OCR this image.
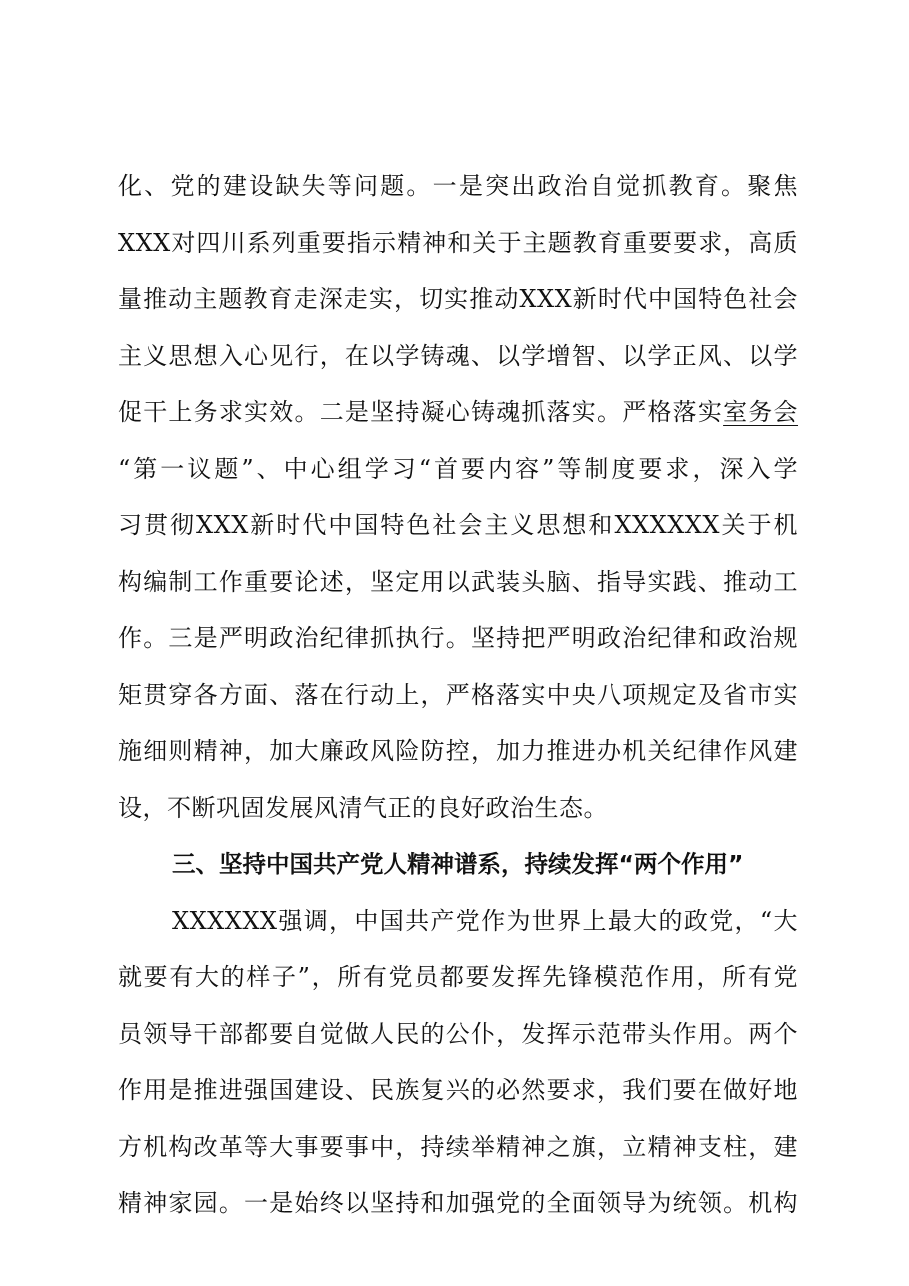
化、党的建设缺失等问题。一是突出政治自觉抓教育。聚焦
XXX对四川系列重要指示精神和关于主题教育重要要求，高质
量推动主题教育走深走实，切实推动XXX新时代中国特色社会
主义思想入心见行，在以学铸魂、以学增智、以学正风、以学
促干上务求实效。二是坚持凝心铸魂抓落实。严格落实室务会
“第一议题”、中心组学习“首要内容”等制度要求，深入学
习贯彻XXX新时代中国特色社会主义思想和XXXXXX关于机
构编制工作重要论述，坚定用以武装头脑、指导实践、推动工
作。三是严明政治纪律抓执行。坚持把严明政治纪律和政治规
矩贯穿各方面、落在行动上，严格落实中央八项规定及省市实
施细则精神，加大廉政风险防控，加力推进办机关纪律作风建
设，不断巩固发展风清气正的良好政治生态。
三、坚持中国共产党人精神谱系，持续发挥“两个作用”
XXXXXX强调，中国共产党作为世界上最大的政党，“大
就要有大的样子”，所有党员都要发挥先锋模范作用，所有党
员领导干部都要自觉做人民的公仆，发挥示范带头作用。两个
作用是推进强国建设、民族复兴的必然要求，我们要在做好地
方机构改革等大事要事中，持续举精神之旗，立精神支柱，建
精神家园。一是始终以坚持和加强党的全面领导为统领。机构
